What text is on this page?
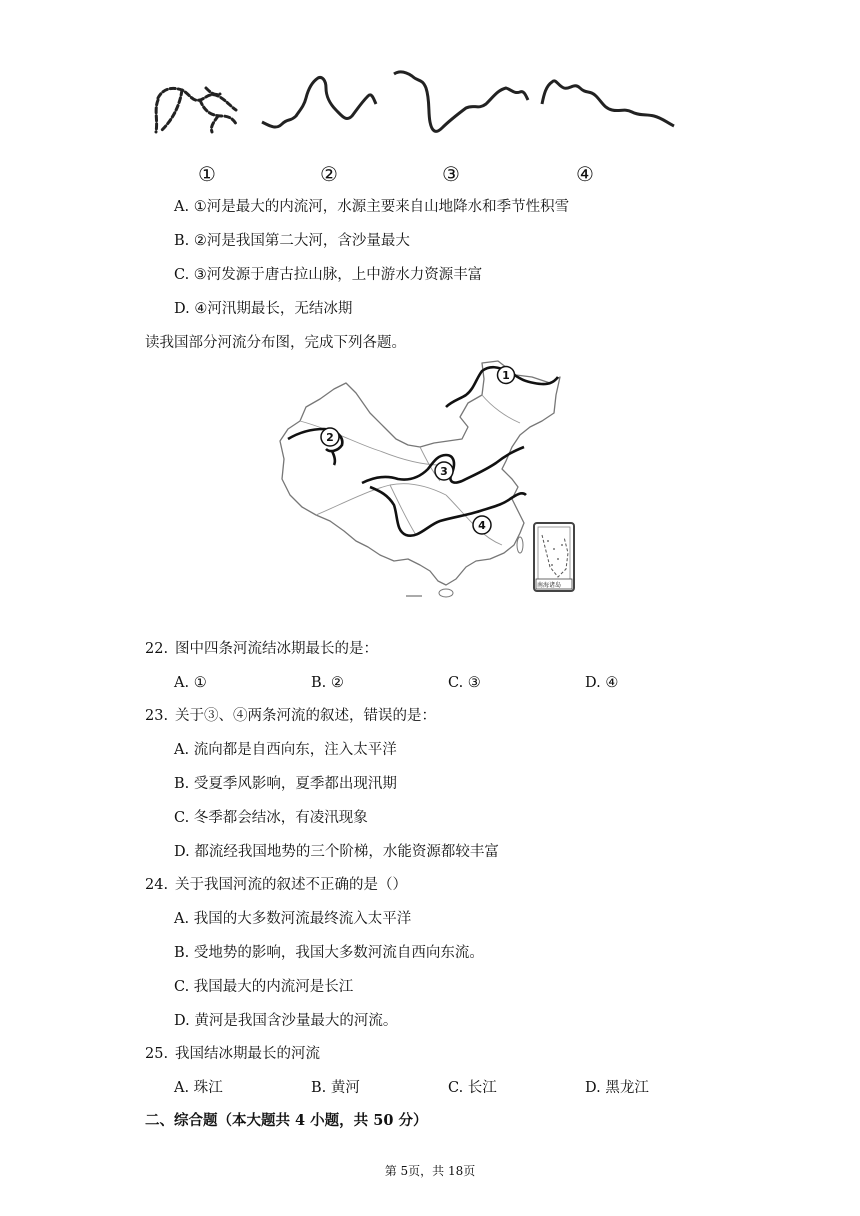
①	②	③	④
A. ①河是最大的内流河，水源主要来自山地降水和季节性积雪
B. ②河是我国第二大河，含沙量最大
C. ③河发源于唐古拉山脉，上中游水力资源丰富
D. ④河汛期最长，无结冰期
读我国部分河流分布图，完成下列各题。
1
2
3
4
南海诸岛
22. 图中四条河流结冰期最长的是：
A. ①	B. ②	C. ③	D. ④
23. 关于③、④两条河流的叙述，错误的是：
A. 流向都是自西向东，注入太平洋
B. 受夏季风影响，夏季都出现汛期
C. 冬季都会结冰，有凌汛现象
D. 都流经我国地势的三个阶梯，水能资源都较丰富
24. 关于我国河流的叙述不正确的是（）
A. 我国的大多数河流最终流入太平洋
B. 受地势的影响，我国大多数河流自西向东流。
C. 我国最大的内流河是长江
D. 黄河是我国含沙量最大的河流。
25. 我国结冰期最长的河流
A. 珠江	B. 黄河	C. 长江	D. 黑龙江
二、综合题（本大题共 4 小题，共 50 分）
第 5页，共 18页
